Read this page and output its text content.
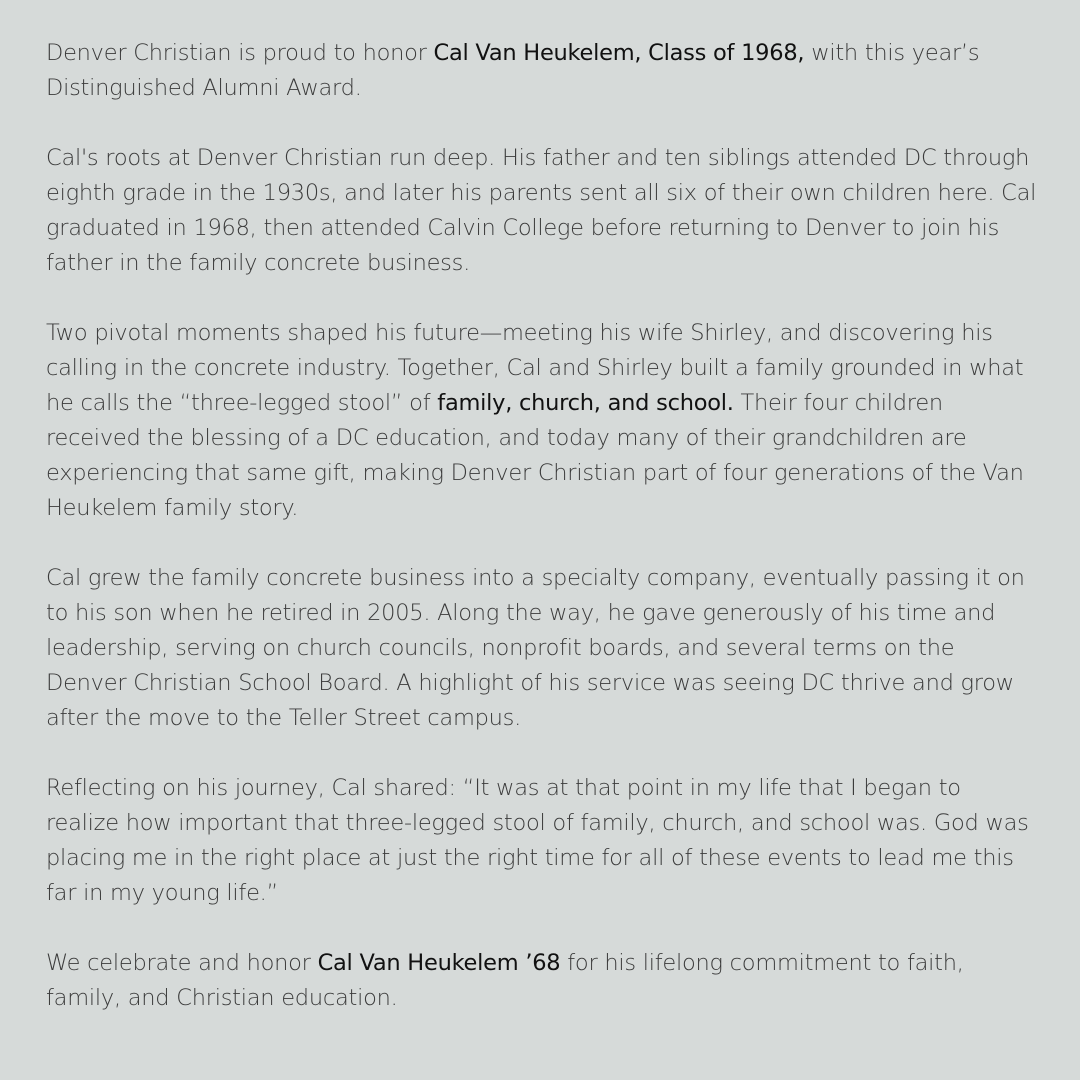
Denver Christian is proud to honor Cal Van Heukelem, Class of 1968, with this year’s Distinguished Alumni Award.

Cal's roots at Denver Christian run deep. His father and ten siblings attended DC through eighth grade in the 1930s, and later his parents sent all six of their own children here. Cal graduated in 1968, then attended Calvin College before returning to Denver to join his father in the family concrete business.

Two pivotal moments shaped his future—meeting his wife Shirley, and discovering his calling in the concrete industry. Together, Cal and Shirley built a family grounded in what he calls the “three-legged stool” of family, church, and school. Their four children received the blessing of a DC education, and today many of their grandchildren are experiencing that same gift, making Denver Christian part of four generations of the Van Heukelem family story.

Cal grew the family concrete business into a specialty company, eventually passing it on to his son when he retired in 2005. Along the way, he gave generously of his time and leadership, serving on church councils, nonprofit boards, and several terms on the Denver Christian School Board. A highlight of his service was seeing DC thrive and grow after the move to the Teller Street campus.

Reflecting on his journey, Cal shared: “It was at that point in my life that I began to realize how important that three-legged stool of family, church, and school was. God was placing me in the right place at just the right time for all of these events to lead me this far in my young life.”

We celebrate and honor Cal Van Heukelem ’68 for his lifelong commitment to faith, family, and Christian education.
